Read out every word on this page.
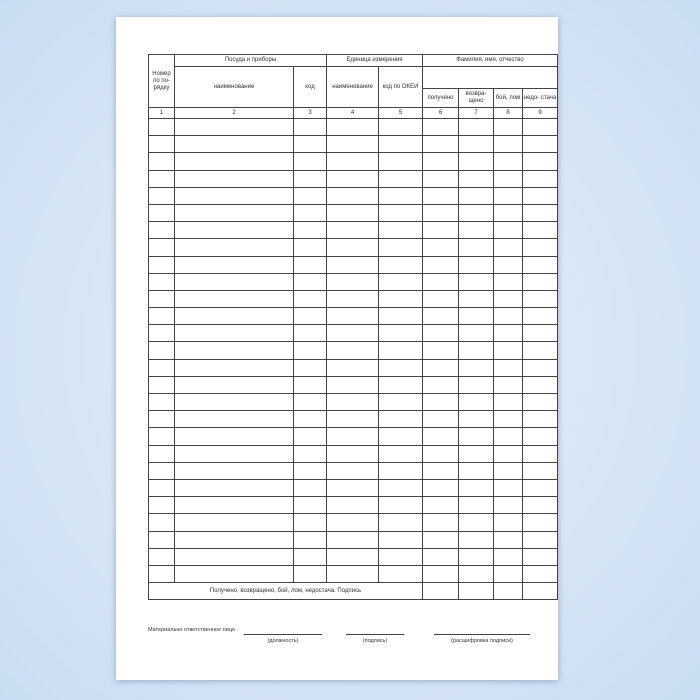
Номер по по- рядку	Посуда и приборы		Единица измерения		Фамилия, имя, отчество			
	наименование	код	наименование	код по ОКЕИ				
					получено	возвра- щено	бой, лом	недо- стача
1	2	3	4	5	6	7	8	9

Получено, возвращено, бой, лом, недостача. Подпись								
Материально ответственное лицо
(должность)	(подпись)	(расшифровка подписи)
